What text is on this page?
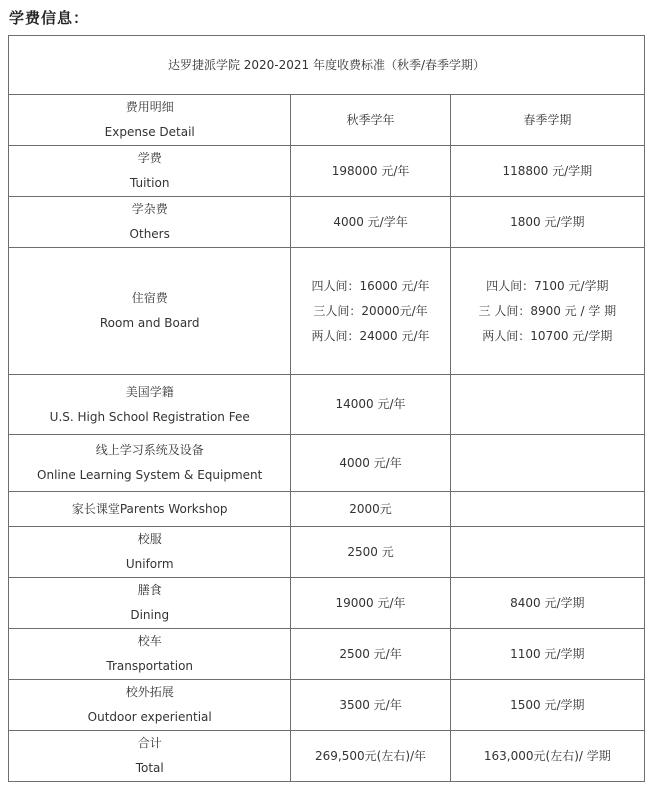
学费信息：
达罗捷派学院 2020-2021 年度收费标准（秋季/春季学期）		

费用明细
Expense Detail	秋季学年	春季学期

学费
Tuition	198000 元/年	118800 元/学期

学杂费
Others	4000 元/学年	1800 元/学期

住宿费
Room and Board	四人间：16000 元/年
三人间：20000元/年
两人间：24000 元/年	四人间：7100 元/学期
三 人间：8900 元 / 学 期
两人间：10700 元/学期

美国学籍
U.S. High School Registration Fee	14000 元/年	

线上学习系统及设备
Online Learning System & Equipment	4000 元/年	

家长课堂Parents Workshop	2000元	

校服
Uniform	2500 元	

膳食
Dining	19000 元/年	8400 元/学期

校车
Transportation	2500 元/年	1100 元/学期

校外拓展
Outdoor experiential	3500 元/年	1500 元/学期

合计
Total	269,500元(左右)/年	163,000元(左右)/ 学期
